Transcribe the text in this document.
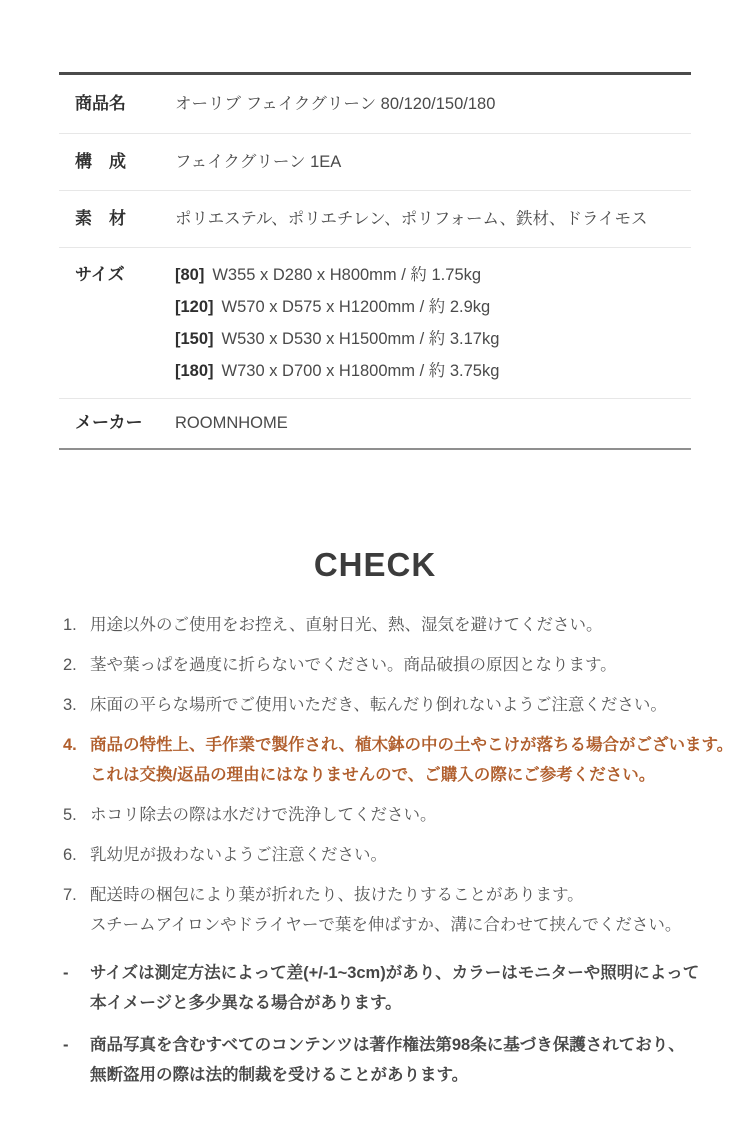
商品名	オーリブ フェイクグリーン 80/120/150/180
構　成	フェイクグリーン 1EA
素　材	ポリエステル、ポリエチレン、ポリフォーム、鉄材、ドライモス
サイズ	[80] W355 x D280 x H800mm / 約 1.75kg
[120] W570 x D575 x H1200mm / 約 2.9kg
[150] W530 x D530 x H1500mm / 約 3.17kg
[180] W730 x D700 x H1800mm / 約 3.75kg
メーカー	ROOMNHOME
CHECK
1. 用途以外のご使用をお控え、直射日光、熱、湿気を避けてください。
2. 茎や葉っぱを過度に折らないでください。商品破損の原因となります。
3. 床面の平らな場所でご使用いただき、転んだり倒れないようご注意ください。
4. 商品の特性上、手作業で製作され、植木鉢の中の土やこけが落ちる場合がございます。
これは交換/返品の理由にはなりませんので、ご購入の際にご参考ください。
5. ホコリ除去の際は水だけで洗浄してください。
6. 乳幼児が扱わないようご注意ください。
7. 配送時の梱包により葉が折れたり、抜けたりすることがあります。
スチームアイロンやドライヤーで葉を伸ばすか、溝に合わせて挟んでください。
-	サイズは測定方法によって差(+/-1~3cm)があり、カラーはモニターや照明によって
本イメージと多少異なる場合があります。
-	商品写真を含むすべてのコンテンツは著作権法第98条に基づき保護されており、
無断盗用の際は法的制裁を受けることがあります。
